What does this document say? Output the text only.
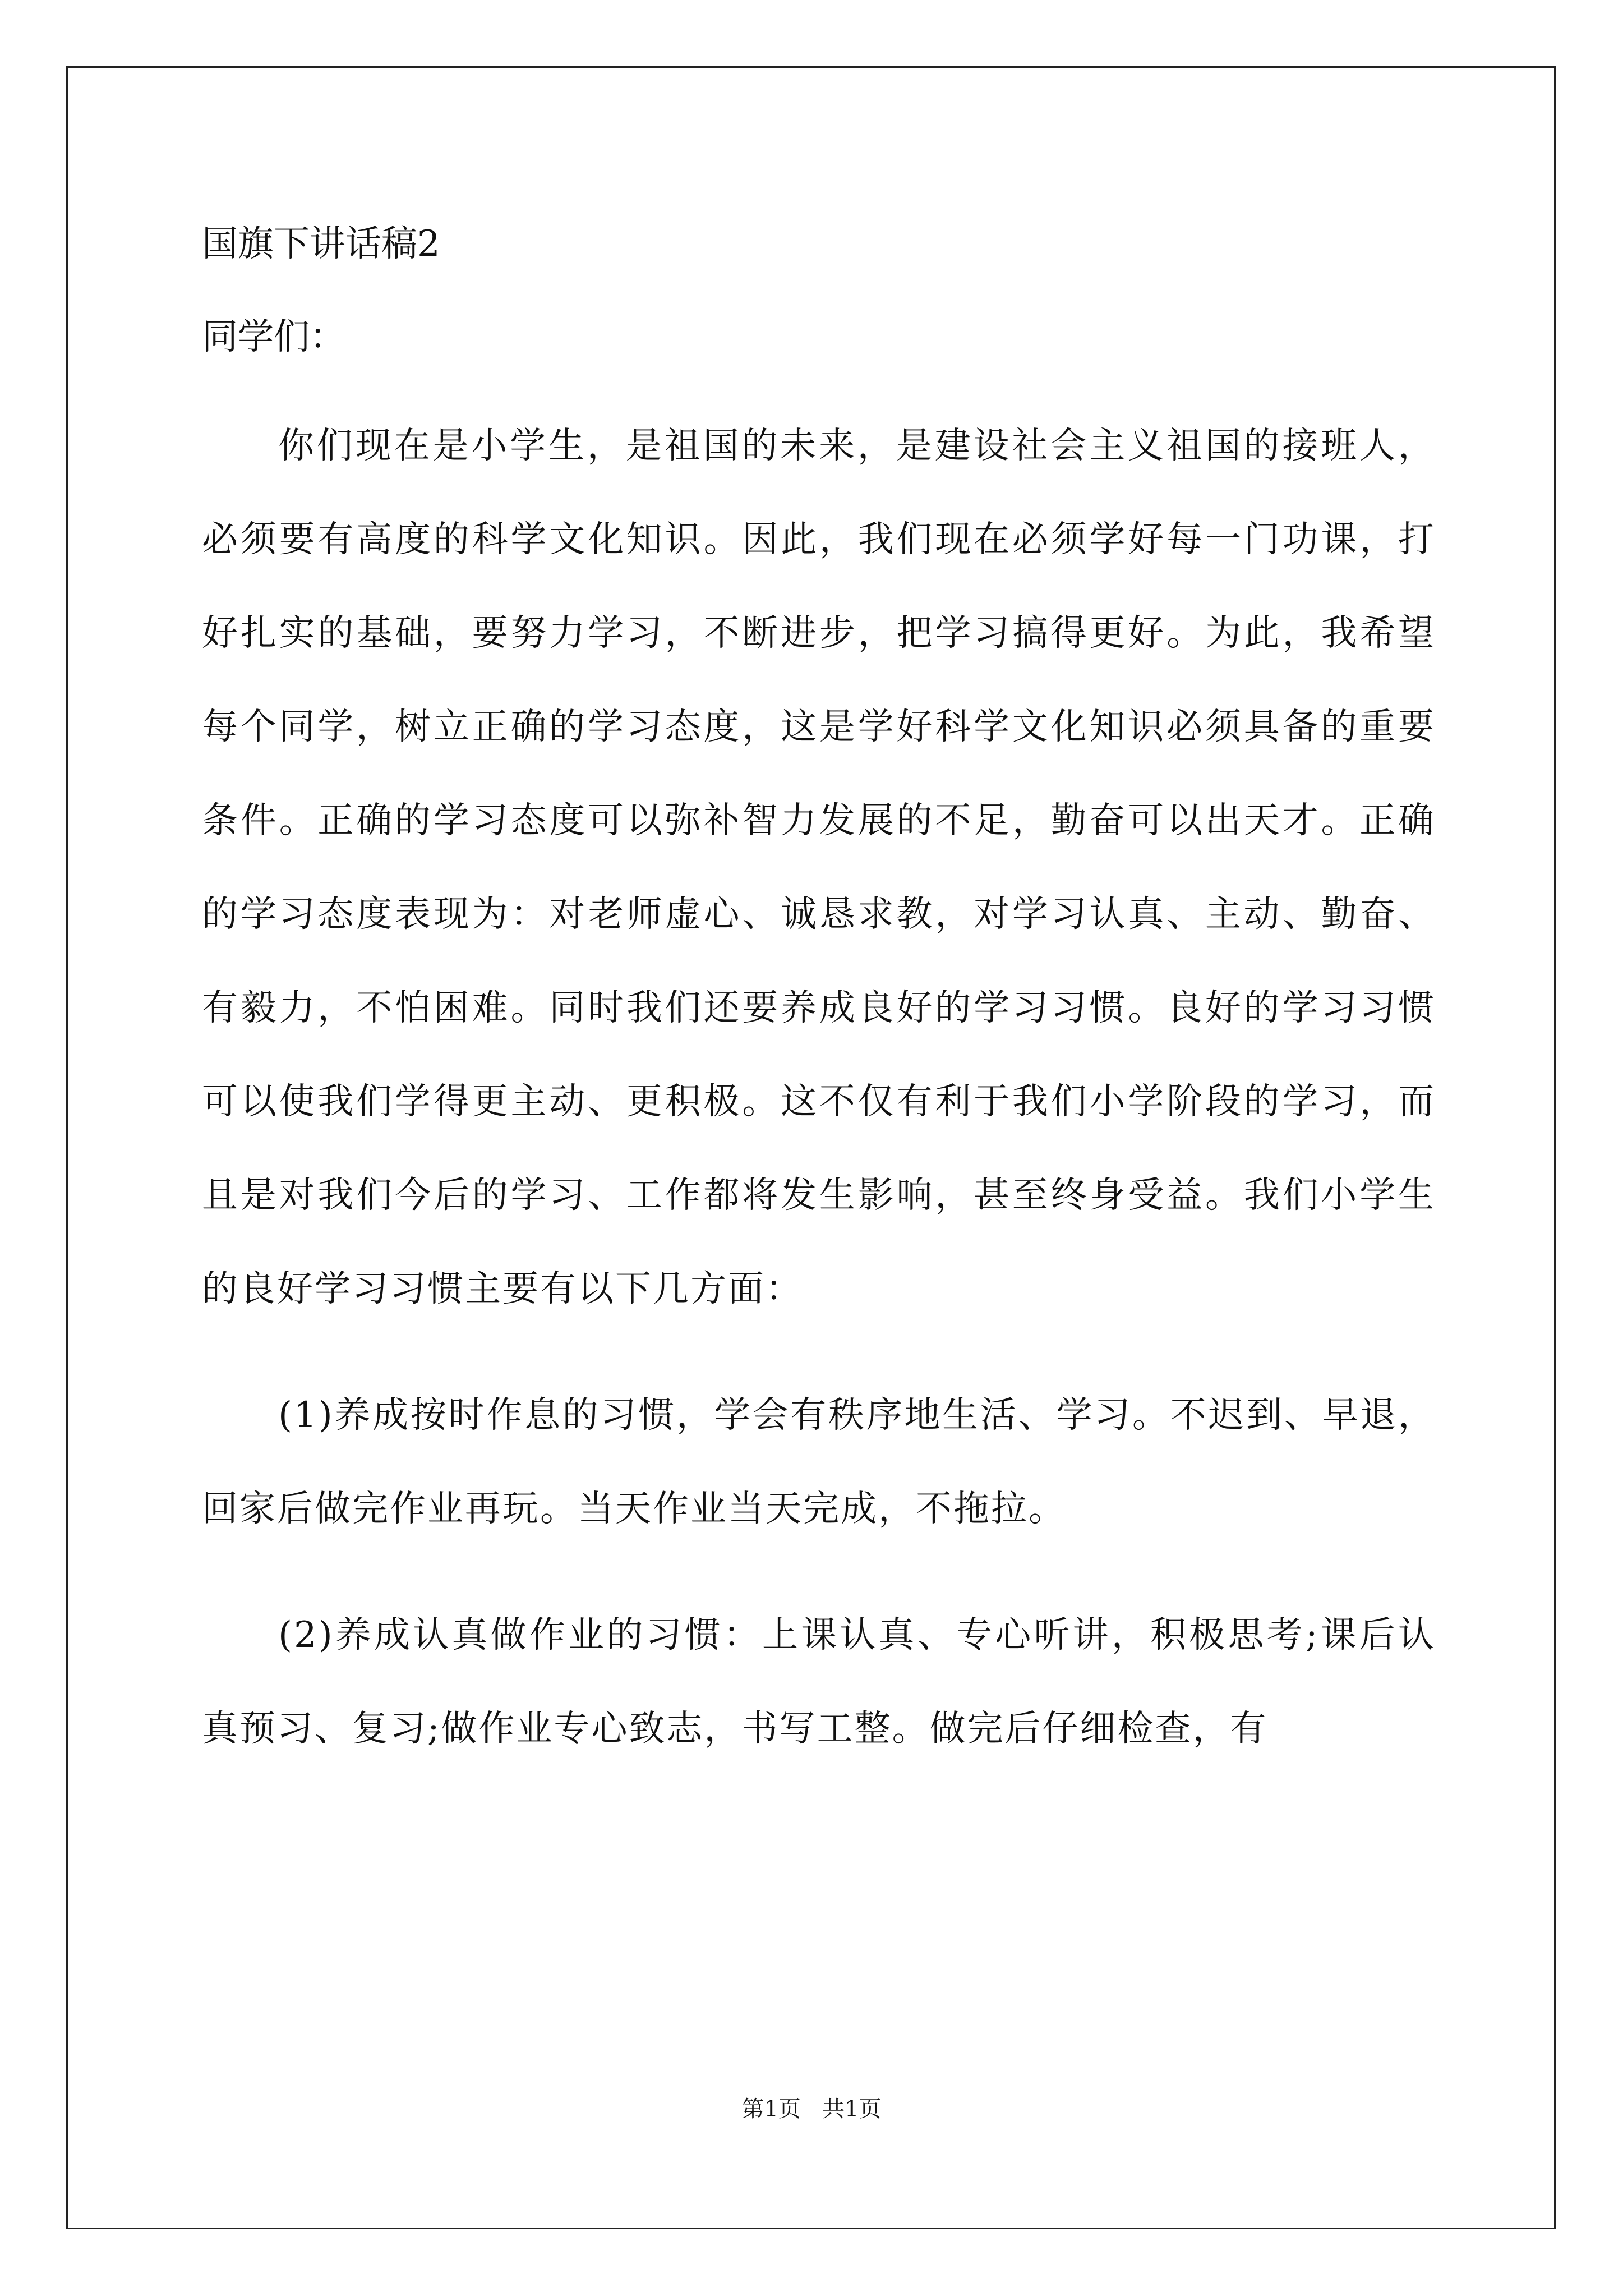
国旗下讲话稿2
同学们：

你们现在是小学生，是祖国的未来，是建设社会主义祖国的接班人，必须要有高度的科学文化知识。因此，我们现在必须学好每一门功课，打好扎实的基础，要努力学习，不断进步，把学习搞得更好。为此，我希望每个同学，树立正确的学习态度，这是学好科学文化知识必须具备的重要条件。正确的学习态度可以弥补智力发展的不足，勤奋可以出天才。正确的学习态度表现为：对老师虚心、诚恳求教，对学习认真、主动、勤奋、有毅力，不怕困难。同时我们还要养成良好的学习习惯。良好的学习习惯可以使我们学得更主动、更积极。这不仅有利于我们小学阶段的学习，而且是对我们今后的学习、工作都将发生影响，甚至终身受益。我们小学生的良好学习习惯主要有以下几方面：

(1)养成按时作息的习惯，学会有秩序地生活、学习。不迟到、早退，回家后做完作业再玩。当天作业当天完成，不拖拉。

(2)养成认真做作业的习惯：上课认真、专心听讲，积极思考;课后认真预习、复习;做作业专心致志，书写工整。做完后仔细检查，有

第1页   共1页
